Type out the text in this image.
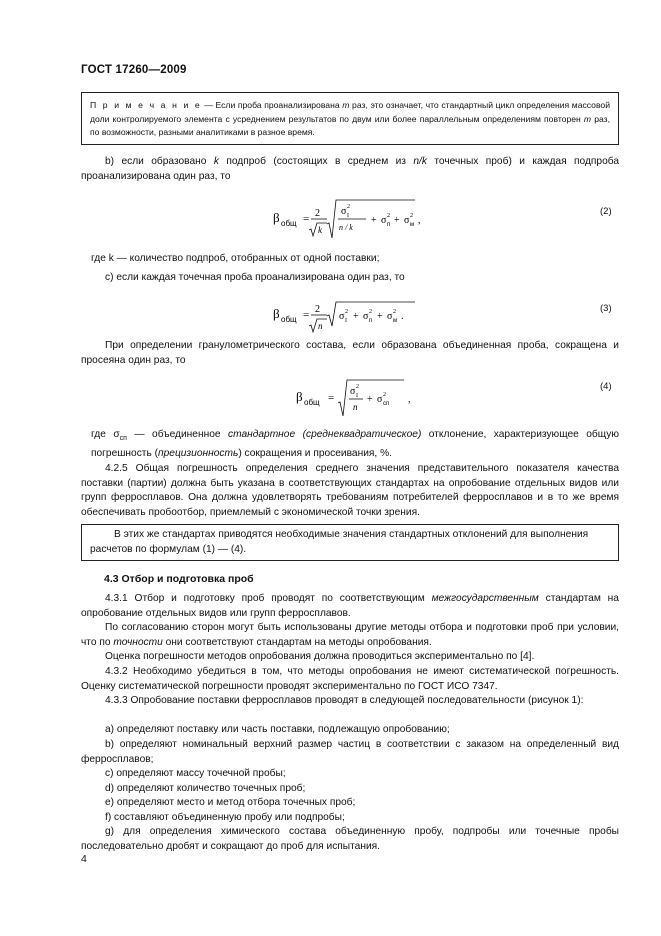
ГОСТ 17260—2009
П р и м е ч а н и е — Если проба проанализирована m раз, это означает, что стандартный цикл определения массовой доли контролируемого элемента с усреднением результатов по двум или более параллельным определениям повторен m раз, по возможности, разными аналитиками в разное время.
b) если образовано k подпроб (состоящих в среднем из n/k точечных проб) и каждая подпроба проанализирована один раз, то
β общ = 2
k
σ I
2
n / k
+ σ п
2 + σ м
2 ,
(2)
где k — количество подпроб, отобранных от одной поставки;
с) если каждая точечная проба проанализирована один раз, то
β общ = 2
n
σ I
2 + σ п
2 + σ м
2 .
(3)
При определении гранулометрического состава, если образована объединенная проба, сокращена и просеяна один раз, то
β общ =
σ I
2
n
+ σ сп
2 ,
(4)
где $\sigma_{сп}$ — объединенное стандартное (среднеквадратическое) отклонение, характеризующее общую погрешность (прецизионность) сокращения и просеивания, %.
4.2.5 Общая погрешность определения среднего значения представительного показателя качества поставки (партии) должна быть указана в соответствующих стандартах на опробование отдельных видов или групп ферросплавов. Она должна удовлетворять требованиям потребителей ферросплавов и в то же время обеспечивать пробоотбор, приемлемый с экономической точки зрения.
В этих же стандартах приводятся необходимые значения стандартных отклонений для выполнения расчетов по формулам (1) — (4).
4.3 Отбор и подготовка проб
4.3.1 Отбор и подготовку проб проводят по соответствующим межгосударственным стандартам на опробование отдельных видов или групп ферросплавов.
По согласованию сторон могут быть использованы другие методы отбора и подготовки проб при условии, что по точности они соответствуют стандартам на методы опробования.
Оценка погрешности методов опробования должна проводиться экспериментально по [4].
4.3.2 Необходимо убедиться в том, что методы опробования не имеют систематической погрешность. Оценку систематической погрешности проводят экспериментально по ГОСТ ИСО 7347.
4.3.3 Опробование поставки ферросплавов проводят в следующей последовательности (рисунок 1):
a) определяют поставку или часть поставки, подлежащую опробованию;
b) определяют номинальный верхний размер частиц в соответствии с заказом на определенный вид ферросплавов;
c) определяют массу точечной пробы;
d) определяют количество точечных проб;
e) определяют место и метод отбора точечных проб;
f) составляют объединенную пробу или подпробы;
g) для определения химического состава объединенную пробу, подпробы или точечные пробы последовательно дробят и сокращают до проб для испытания.
4
